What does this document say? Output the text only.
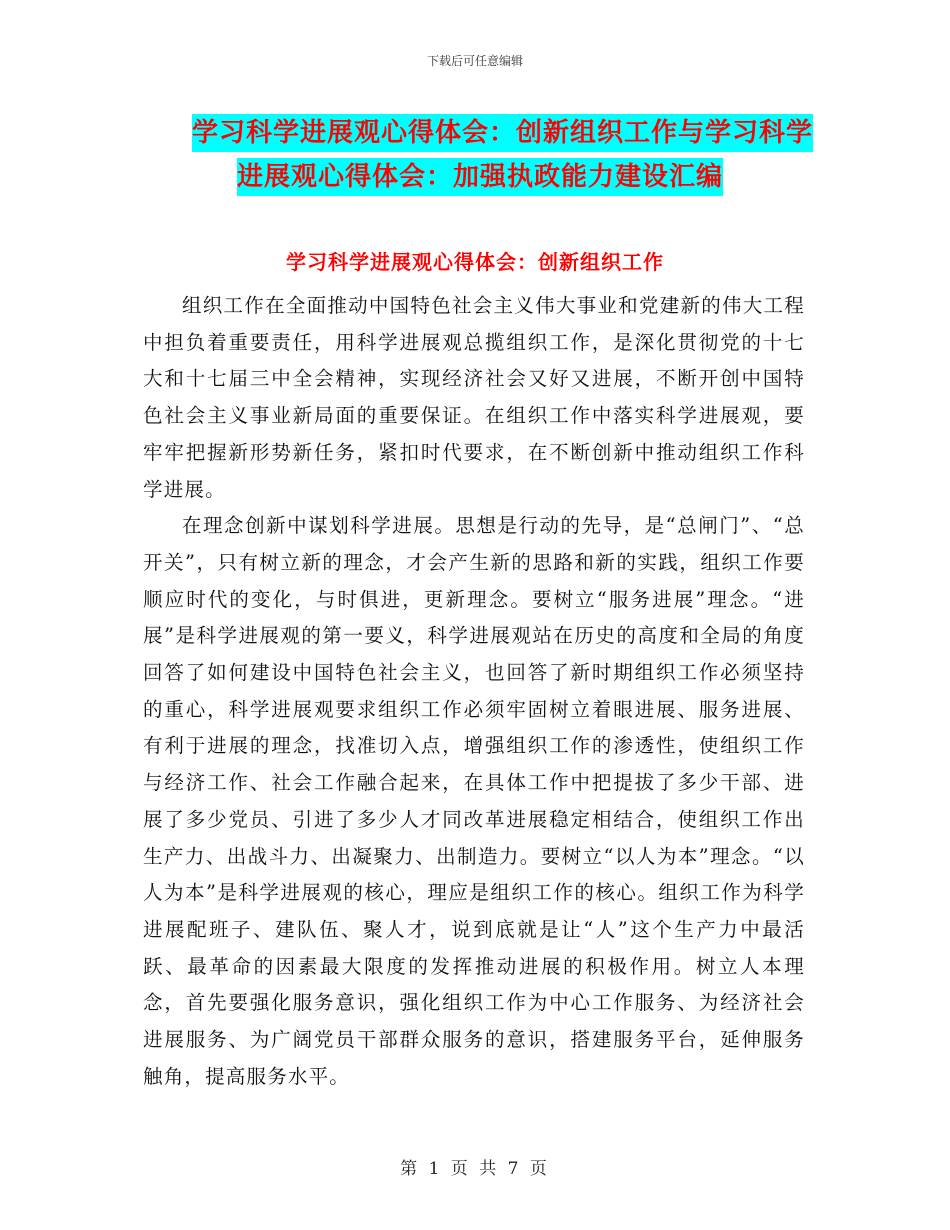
下载后可任意编辑
学习科学进展观心得体会：创新组织工作与学习科学
进展观心得体会：加强执政能力建设汇编
学习科学进展观心得体会：创新组织工作

组织工作在全面推动中国特色社会主义伟大事业和党建新的伟大工程中担负着重要责任，用科学进展观总揽组织工作，是深化贯彻党的十七大和十七届三中全会精神，实现经济社会又好又进展，不断开创中国特色社会主义事业新局面的重要保证。在组织工作中落实科学进展观，要牢牢把握新形势新任务，紧扣时代要求，在不断创新中推动组织工作科学进展。

在理念创新中谋划科学进展。思想是行动的先导，是“总闸门”、“总开关”，只有树立新的理念，才会产生新的思路和新的实践，组织工作要顺应时代的变化，与时俱进，更新理念。要树立“服务进展”理念。“进展”是科学进展观的第一要义，科学进展观站在历史的高度和全局的角度回答了如何建设中国特色社会主义，也回答了新时期组织工作必须坚持的重心，科学进展观要求组织工作必须牢固树立着眼进展、服务进展、有利于进展的理念，找准切入点，增强组织工作的渗透性，使组织工作与经济工作、社会工作融合起来，在具体工作中把提拔了多少干部、进展了多少党员、引进了多少人才同改革进展稳定相结合，使组织工作出生产力、出战斗力、出凝聚力、出制造力。要树立“以人为本”理念。“以人为本”是科学进展观的核心，理应是组织工作的核心。组织工作为科学进展配班子、建队伍、聚人才，说到底就是让“人”这个生产力中最活跃、最革命的因素最大限度的发挥推动进展的积极作用。树立人本理念，首先要强化服务意识，强化组织工作为中心工作服务、为经济社会进展服务、为广阔党员干部群众服务的意识，搭建服务平台，延伸服务触角，提高服务水平。

第 1 页 共 7 页
